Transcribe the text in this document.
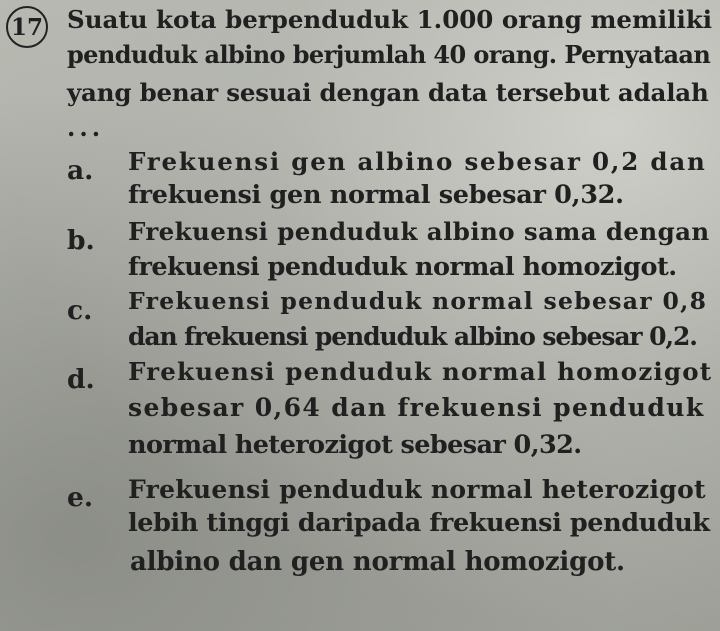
17 Suatu kota berpenduduk 1.000 orang memiliki
penduduk albino berjumlah 40 orang. Pernyataan
yang benar sesuai dengan data tersebut adalah
...
a. Frekuensi gen albino sebesar 0,2 dan
frekuensi gen normal sebesar 0,32.
b. Frekuensi penduduk albino sama dengan
frekuensi penduduk normal homozigot.
c. Frekuensi penduduk normal sebesar 0,8
dan frekuensi penduduk albino sebesar 0,2.
d. Frekuensi penduduk normal homozigot
sebesar 0,64 dan frekuensi penduduk
normal heterozigot sebesar 0,32.
e. Frekuensi penduduk normal heterozigot
lebih tinggi daripada frekuensi penduduk
albino dan gen normal homozigot.
